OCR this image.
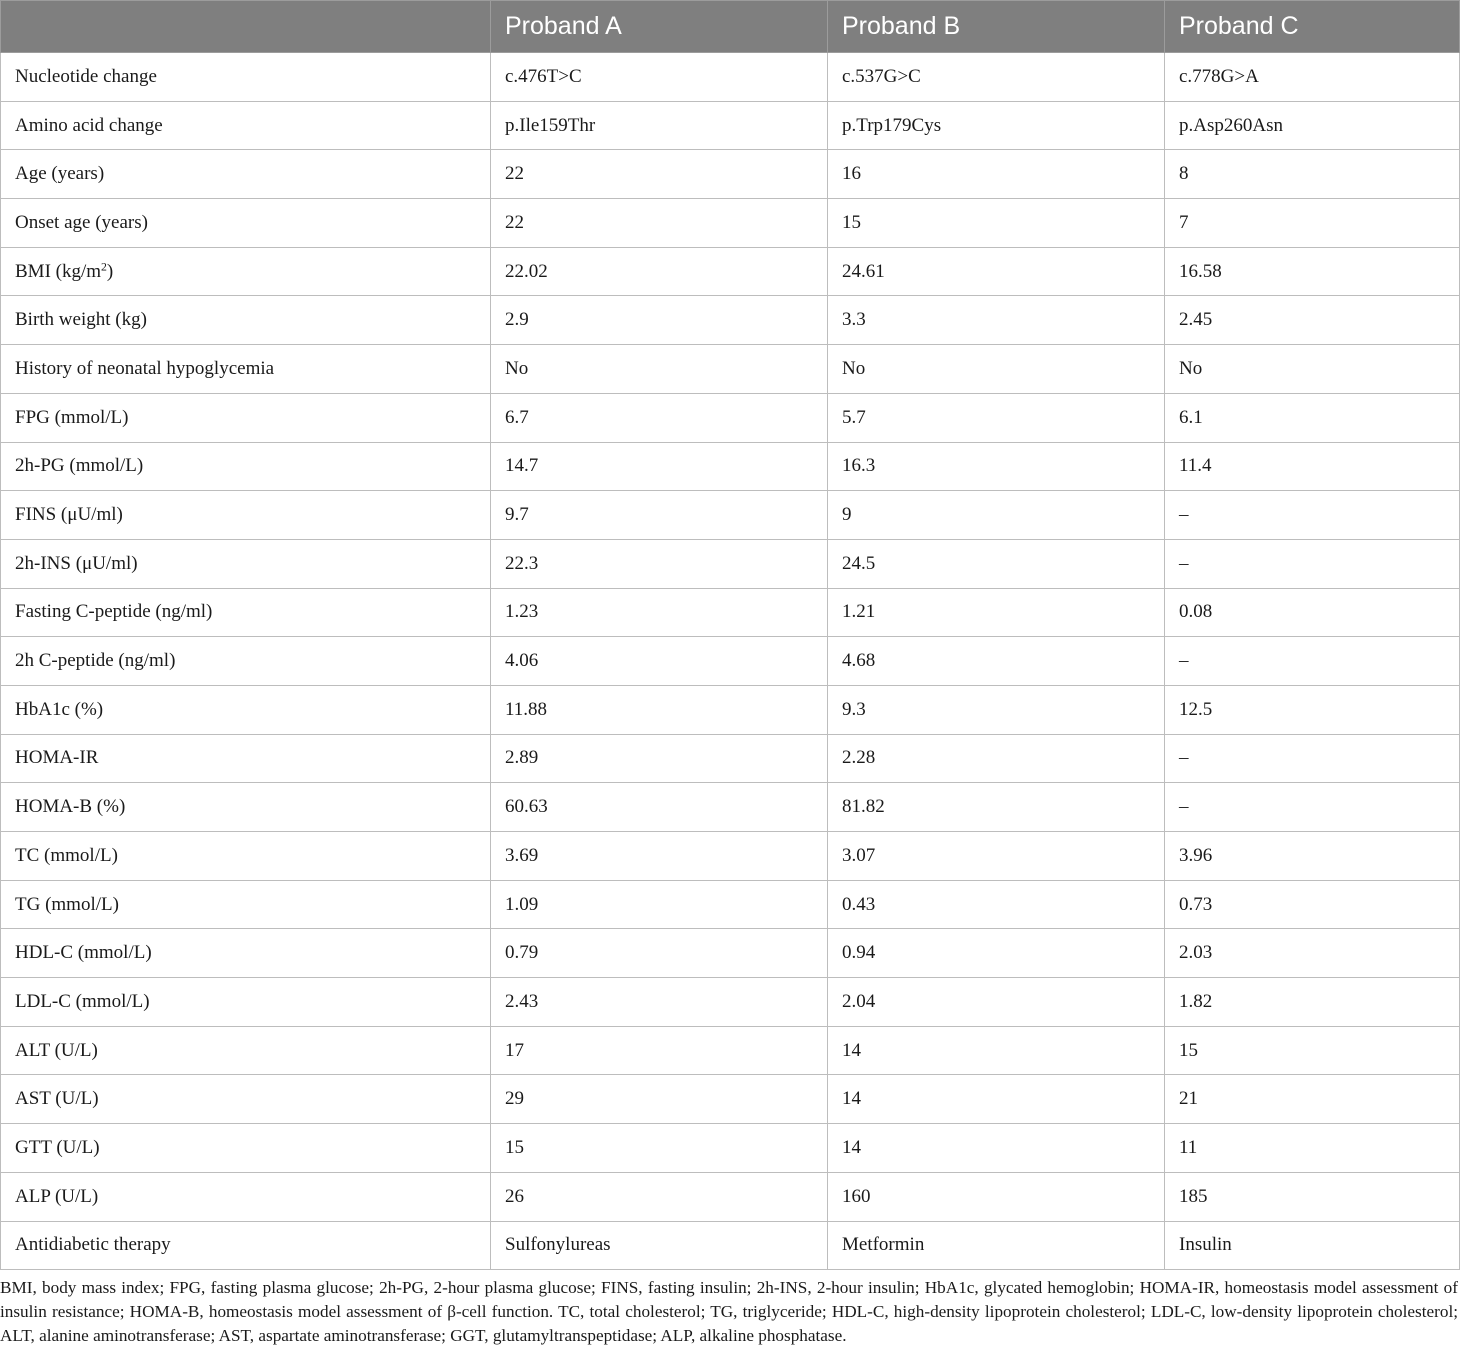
	Proband A	Proband B	Proband C
Nucleotide change	c.476T>C	c.537G>C	c.778G>A
Amino acid change	p.Ile159Thr	p.Trp179Cys	p.Asp260Asn
Age (years)	22	16	8
Onset age (years)	22	15	7
BMI $(kg/m^2)$	22.02	24.61	16.58
Birth weight (kg)	2.9	3.3	2.45
History of neonatal hypoglycemia	No	No	No
FPG (mmol/L)	6.7	5.7	6.1
2h-PG (mmol/L)	14.7	16.3	11.4
FINS (μU/ml)	9.7	9	–
2h-INS (μU/ml)	22.3	24.5	–
Fasting C-peptide (ng/ml)	1.23	1.21	0.08
2h C-peptide (ng/ml)	4.06	4.68	–
HbA1c (%)	11.88	9.3	12.5
HOMA-IR	2.89	2.28	–
HOMA-B (%)	60.63	81.82	–
TC (mmol/L)	3.69	3.07	3.96
TG (mmol/L)	1.09	0.43	0.73
HDL-C (mmol/L)	0.79	0.94	2.03
LDL-C (mmol/L)	2.43	2.04	1.82
ALT (U/L)	17	14	15
AST (U/L)	29	14	21
GTT (U/L)	15	14	11
ALP (U/L)	26	160	185
Antidiabetic therapy	Sulfonylureas	Metformin	Insulin

BMI, body mass index; FPG, fasting plasma glucose; 2h-PG, 2-hour plasma glucose; FINS, fasting insulin; 2h-INS, 2-hour insulin; HbA1c, glycated hemoglobin; HOMA-IR, homeostasis model assessment of insulin resistance; HOMA-B, homeostasis model assessment of β-cell function. TC, total cholesterol; TG, triglyceride; HDL-C, high-density lipoprotein cholesterol; LDL-C, low-density lipoprotein cholesterol; ALT, alanine aminotransferase; AST, aspartate aminotransferase; GGT, glutamyltranspeptidase; ALP, alkaline phosphatase.
